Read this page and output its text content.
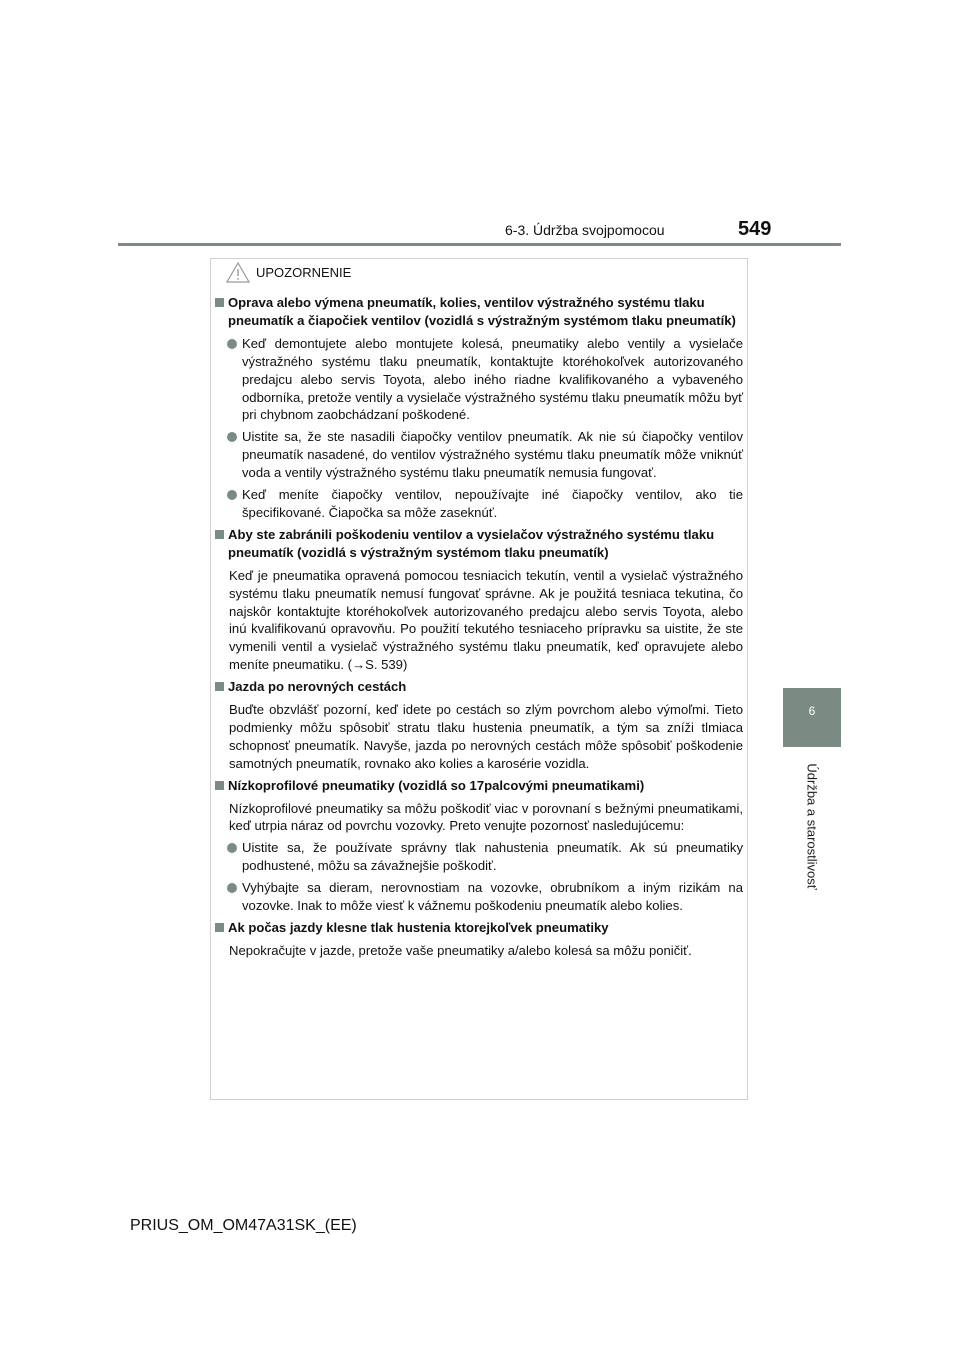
6-3. Údržba svojpomocou	549
6
Údržba a starostlivosť
UPOZORNENIE
Oprava alebo výmena pneumatík, kolies, ventilov výstražného systému tlaku pneumatík a čiapočiek ventilov (vozidlá s výstražným systémom tlaku pneumatík)
Keď demontujete alebo montujete kolesá, pneumatiky alebo ventily a vysielače výstražného systému tlaku pneumatík, kontaktujte ktoréhokoľvek autorizovaného predajcu alebo servis Toyota, alebo iného riadne kvalifikovaného a vybaveného odborníka, pretože ventily a vysielače výstražného systému tlaku pneumatík môžu byť pri chybnom zaobchádzaní poškodené.
Uistite sa, že ste nasadili čiapočky ventilov pneumatík. Ak nie sú čiapočky ventilov pneumatík nasadené, do ventilov výstražného systému tlaku pneumatík môže vniknúť voda a ventily výstražného systému tlaku pneumatík nemusia fungovať.
Keď meníte čiapočky ventilov, nepoužívajte iné čiapočky ventilov, ako tie špecifikované. Čiapočka sa môže zaseknúť.
Aby ste zabránili poškodeniu ventilov a vysielačov výstražného systému tlaku pneumatík (vozidlá s výstražným systémom tlaku pneumatík)
Keď je pneumatika opravená pomocou tesniacich tekutín, ventil a vysielač výstražného systému tlaku pneumatík nemusí fungovať správne. Ak je použitá tesniaca tekutina, čo najskôr kontaktujte ktoréhokoľvek autorizovaného predajcu alebo servis Toyota, alebo inú kvalifikovanú opravovňu. Po použití tekutého tesniaceho prípravku sa uistite, že ste vymenili ventil a vysielač výstražného systému tlaku pneumatík, keď opravujete alebo meníte pneumatiku. (→S. 539)
Jazda po nerovných cestách
Buďte obzvlášť pozorní, keď idete po cestách so zlým povrchom alebo výmoľmi. Tieto podmienky môžu spôsobiť stratu tlaku hustenia pneumatík, a tým sa zníži tlmiaca schopnosť pneumatík. Navyše, jazda po nerovných cestách môže spôsobiť poškodenie samotných pneumatík, rovnako ako kolies a karosérie vozidla.
Nízkoprofilové pneumatiky (vozidlá so 17palcovými pneumatikami)
Nízkoprofilové pneumatiky sa môžu poškodiť viac v porovnaní s bežnými pneumatikami, keď utrpia náraz od povrchu vozovky. Preto venujte pozornosť nasledujúcemu:
Uistite sa, že používate správny tlak nahustenia pneumatík. Ak sú pneumatiky podhustené, môžu sa závažnejšie poškodiť.
Vyhýbajte sa dieram, nerovnostiam na vozovke, obrubníkom a iným rizikám na vozovke. Inak to môže viesť k vážnemu poškodeniu pneumatík alebo kolies.
Ak počas jazdy klesne tlak hustenia ktorejkoľvek pneumatiky
Nepokračujte v jazde, pretože vaše pneumatiky a/alebo kolesá sa môžu poničiť.
PRIUS_OM_OM47A31SK_(EE)
